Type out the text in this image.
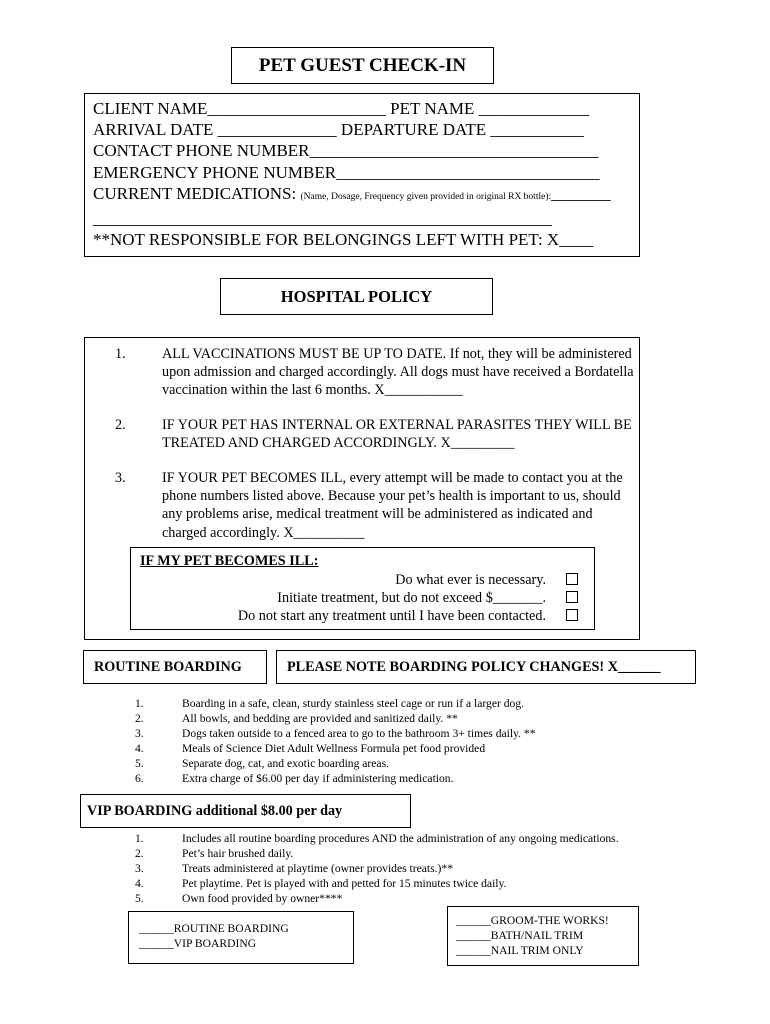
PET GUEST CHECK-IN
CLIENT NAME_____________________ PET NAME _____________
ARRIVAL DATE ______________ DEPARTURE DATE ___________
CONTACT PHONE NUMBER__________________________________
EMERGENCY PHONE NUMBER_______________________________
CURRENT MEDICATIONS: (Name, Dosage, Frequency given provided in original RX bottle):_______
______________________________________________________
**NOT RESPONSIBLE FOR BELONGINGS LEFT WITH PET: X____
HOSPITAL POLICY
1.	ALL VACCINATIONS MUST BE UP TO DATE. If not, they will be administered upon admission and charged accordingly. All dogs must have received a Bordatella vaccination within the last 6 months. X___________
2.	IF YOUR PET HAS INTERNAL OR EXTERNAL PARASITES THEY WILL BE TREATED AND CHARGED ACCORDINGLY. X_________
3.	IF YOUR PET BECOMES ILL, every attempt will be made to contact you at the phone numbers listed above. Because your pet’s health is important to us, should any problems arise, medical treatment will be administered as indicated and charged accordingly. X__________
IF MY PET BECOMES ILL:
Do what ever is necessary.
Initiate treatment, but do not exceed $_______.
Do not start any treatment until I have been contacted.
ROUTINE BOARDING	PLEASE NOTE BOARDING POLICY CHANGES! X______
1.	Boarding in a safe, clean, sturdy stainless steel cage or run if a larger dog.
2.	All bowls, and bedding are provided and sanitized daily. **
3.	Dogs taken outside to a fenced area to go to the bathroom 3+ times daily. **
4.	Meals of Science Diet Adult Wellness Formula pet food provided
5.	Separate dog, cat, and exotic boarding areas.
6.	Extra charge of $6.00 per day if administering medication.
VIP BOARDING additional $8.00 per day
1.	Includes all routine boarding procedures AND the administration of any ongoing medications.
2.	Pet’s hair brushed daily.
3.	Treats administered at playtime (owner provides treats.)**
4.	Pet playtime. Pet is played with and petted for 15 minutes twice daily.
5.	Own food provided by owner****
______ROUTINE BOARDING
______VIP BOARDING
______GROOM-THE WORKS!
______BATH/NAIL TRIM
______NAIL TRIM ONLY
